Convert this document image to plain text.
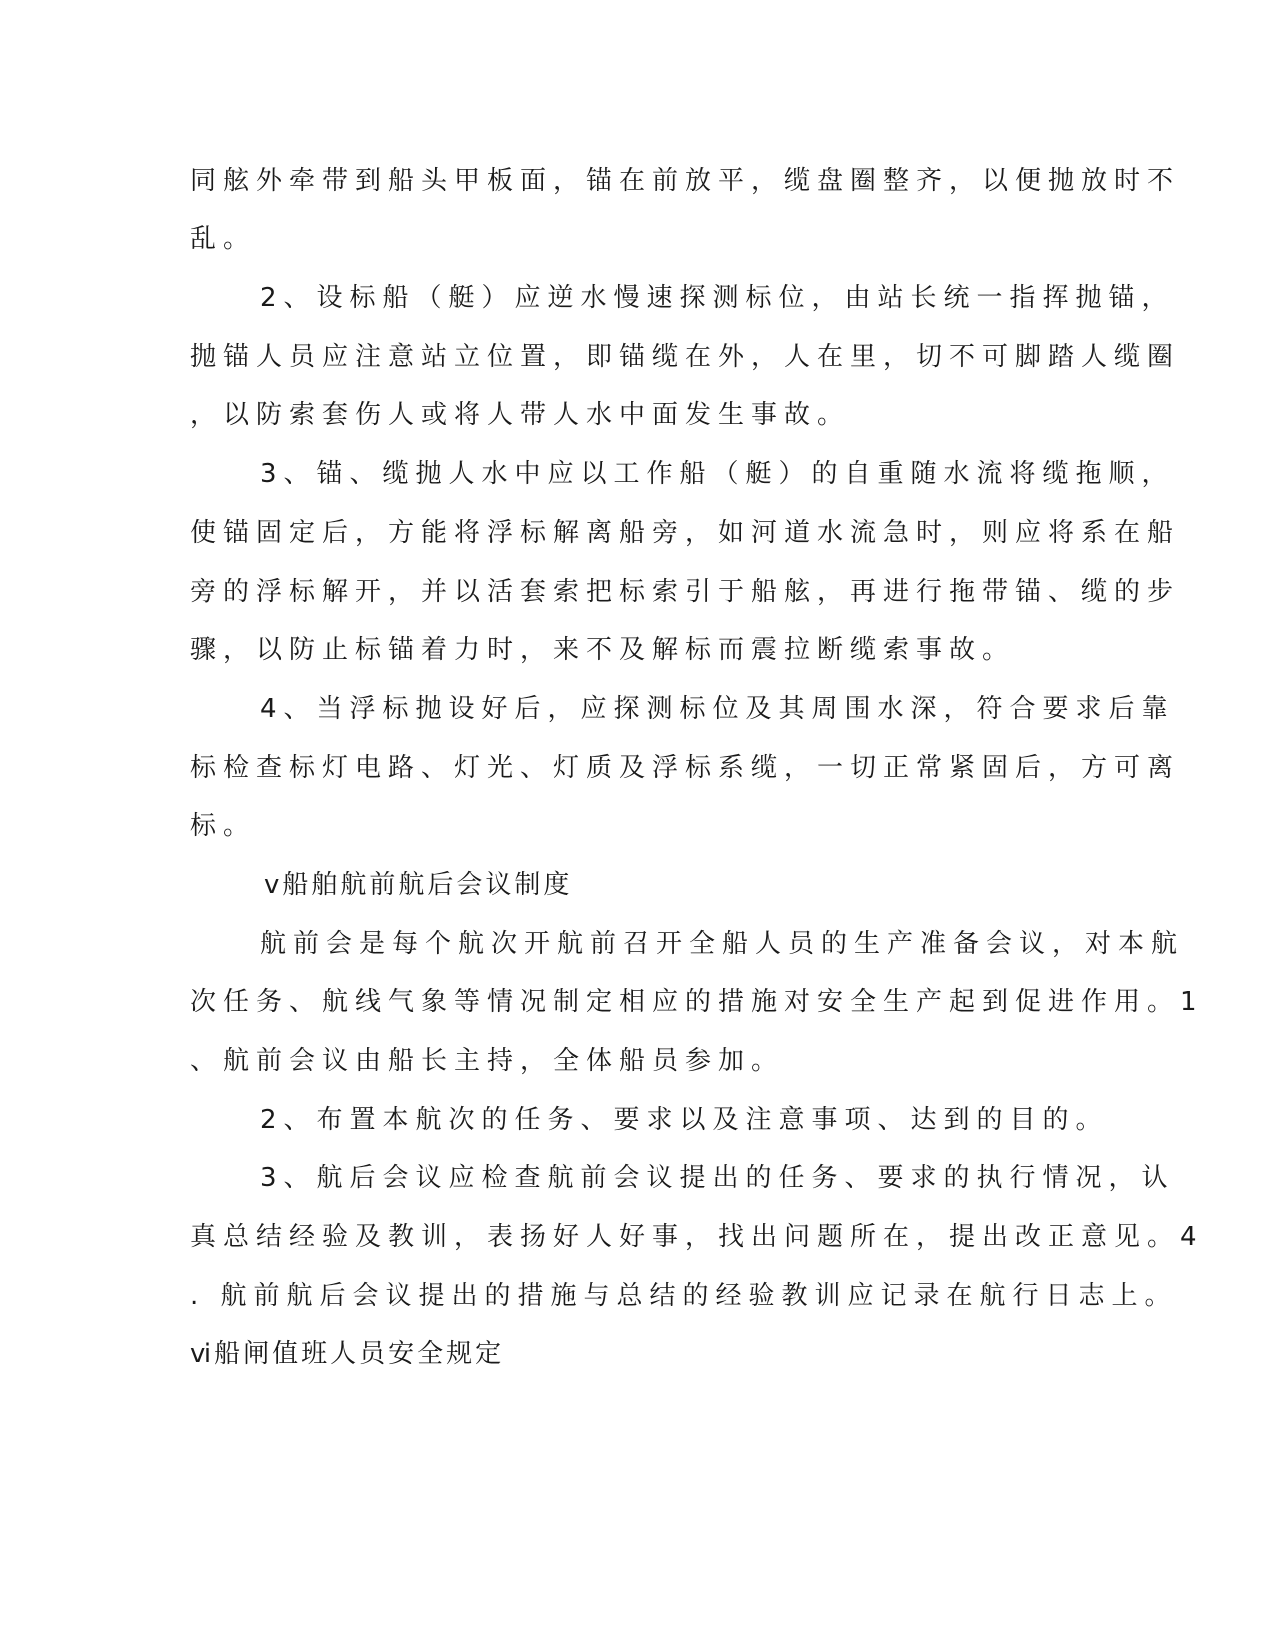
同舷外牵带到船头甲板面，锚在前放平，缆盘圈整齐，以便抛放时不
乱。
2、设标船（艇）应逆水慢速探测标位，由站长统一指挥抛锚，
抛锚人员应注意站立位置，即锚缆在外，人在里，切不可脚踏人缆圈
，以防索套伤人或将人带人水中面发生事故。
3、锚、缆抛人水中应以工作船（艇）的自重随水流将缆拖顺，
使锚固定后，方能将浮标解离船旁，如河道水流急时，则应将系在船
旁的浮标解开，并以活套索把标索引于船舷，再进行拖带锚、缆的步
骤，以防止标锚着力时，来不及解标而震拉断缆索事故。
4、当浮标抛设好后，应探测标位及其周围水深，符合要求后靠
标检查标灯电路、灯光、灯质及浮标系缆，一切正常紧固后，方可离
标。
ⅴ船舶航前航后会议制度
航前会是每个航次开航前召开全船人员的生产准备会议，对本航
次任务、航线气象等情况制定相应的措施对安全生产起到促进作用。1
、航前会议由船长主持，全体船员参加。
2、布置本航次的任务、要求以及注意事项、达到的目的。
3、航后会议应检查航前会议提出的任务、要求的执行情况，认
真总结经验及教训，表扬好人好事，找出问题所在，提出改正意见。4
. 航前航后会议提出的措施与总结的经验教训应记录在航行日志上。
ⅵ船闸值班人员安全规定
